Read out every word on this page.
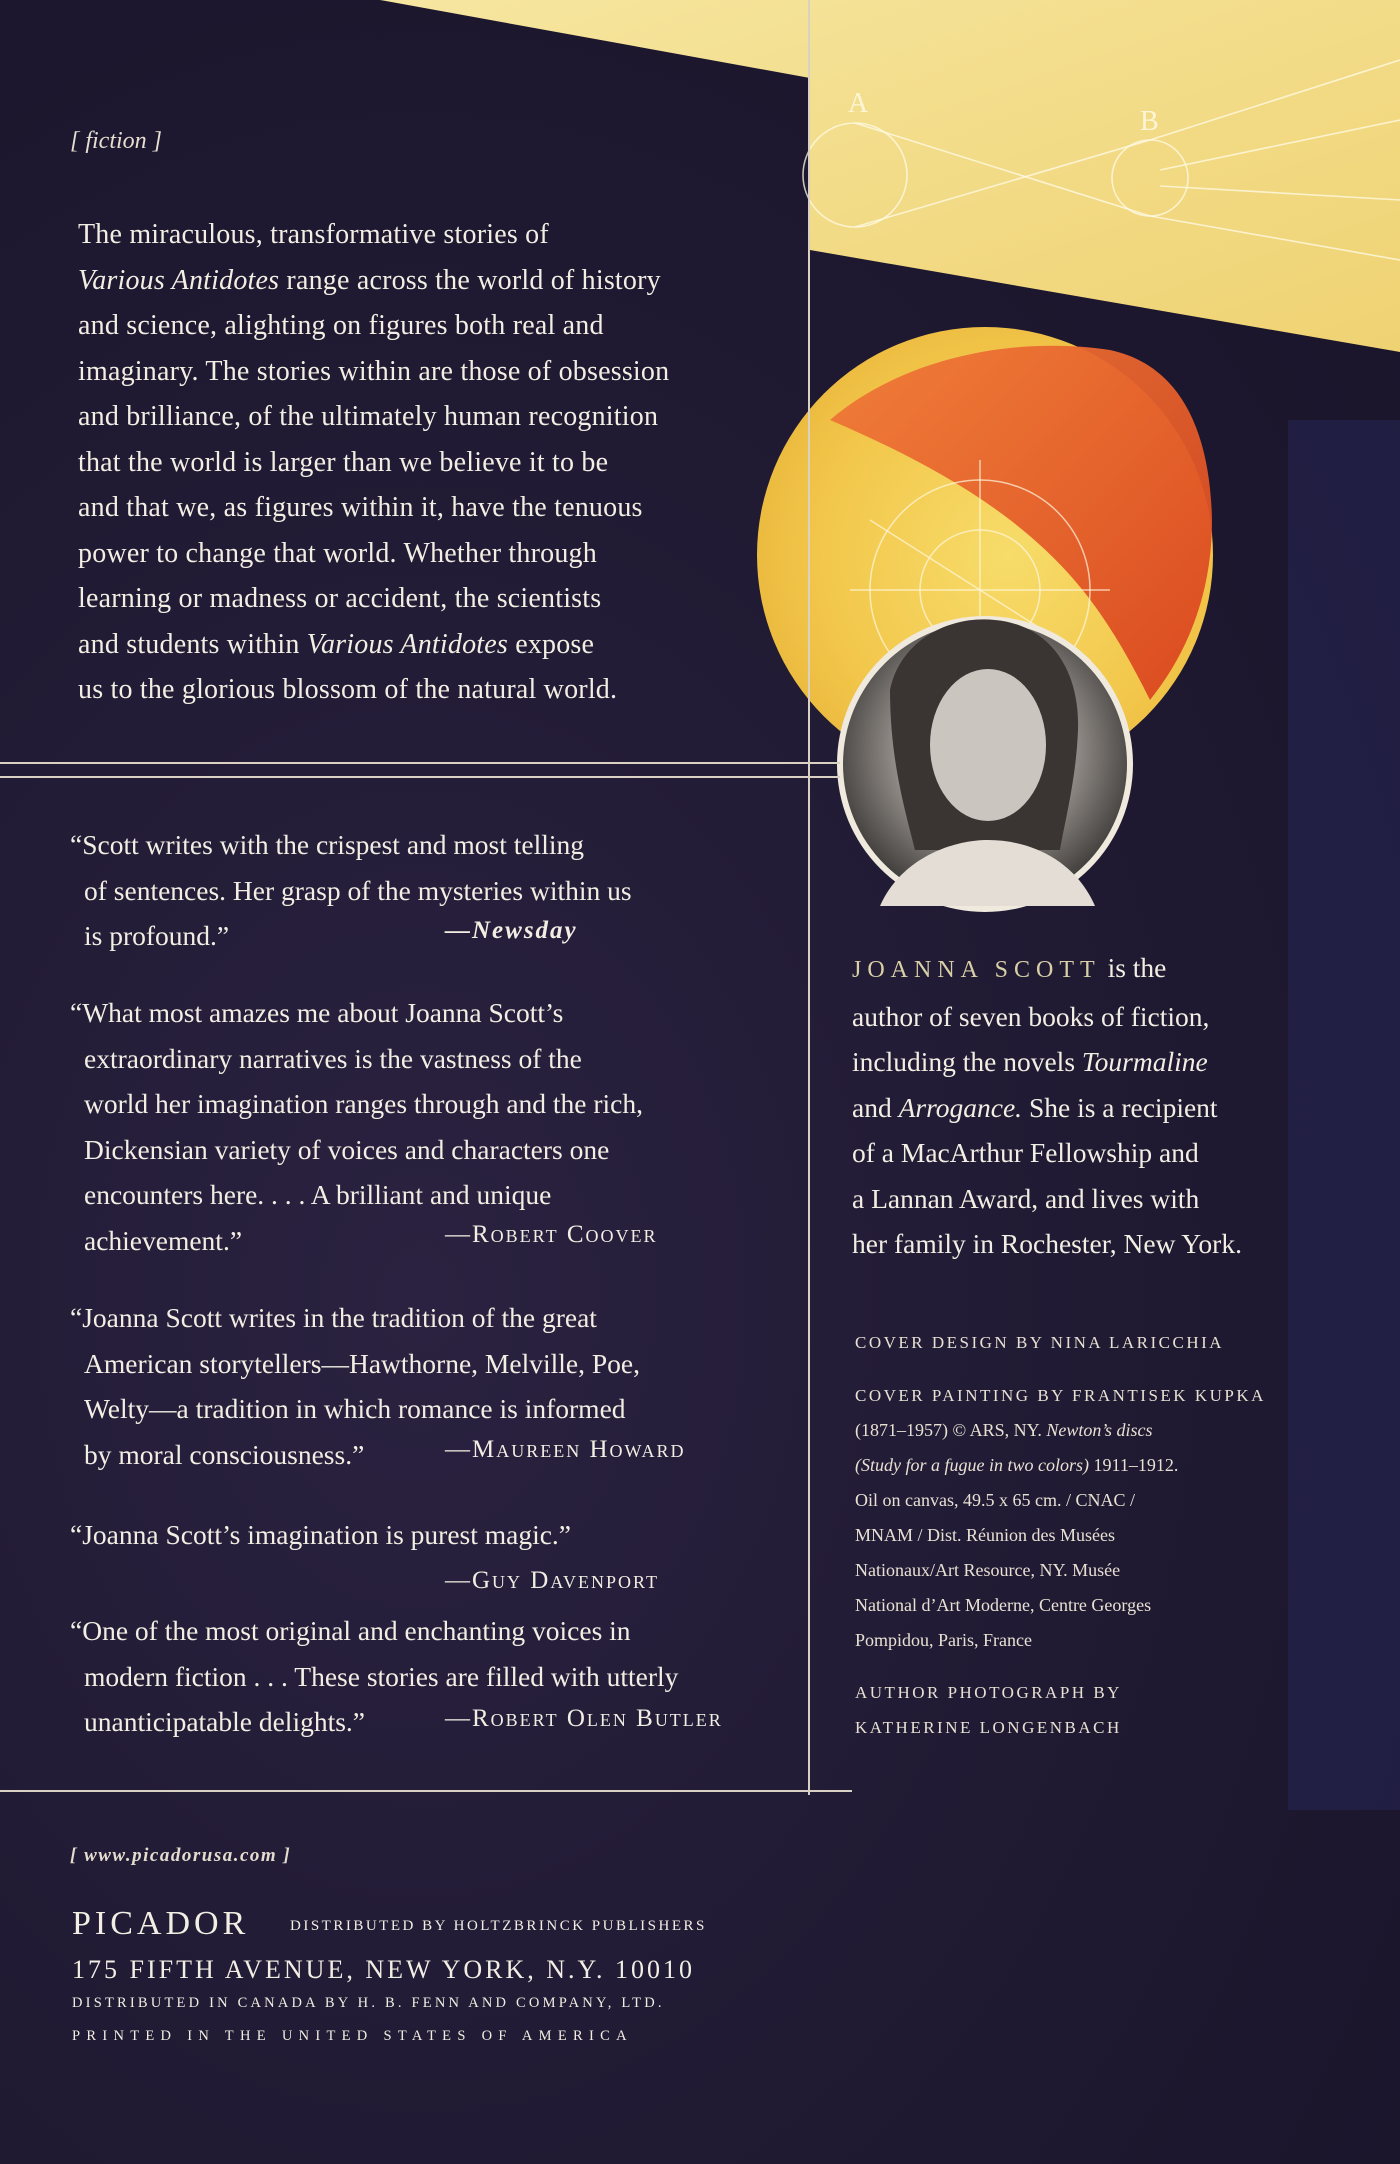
A
B
[ fiction ]

The miraculous, transformative stories of

Various Antidotes range across the world of history

and science, alighting on figures both real and

imaginary. The stories within are those of obsession

and brilliance, of the ultimately human recognition

that the world is larger than we believe it to be

and that we, as figures within it, have the tenuous

power to change that world. Whether through

learning or madness or accident, the scientists

and students within Various Antidotes expose

us to the glorious blossom of the natural world.

“ Scott writes with the crispest and most telling
of sentences. Her grasp of the mysteries within us
is profound.”	—Newsday
“ What most amazes me about Joanna Scott’s
extraordinary narratives is the vastness of the
world her imagination ranges through and the rich,
Dickensian variety of voices and characters one
encounters here. . . . A brilliant and unique
achievement.”	—Robert Coover
“ Joanna Scott writes in the tradition of the great
American storytellers—Hawthorne, Melville, Poe,
Welty—a tradition in which romance is informed
by moral consciousness.”	—Maureen Howard
“ Joanna Scott’s imagination is purest magic.”
—Guy Davenport
“ One of the most original and enchanting voices in
modern fiction . . . These stories are filled with utterly
unanticipatable delights.”	—Robert Olen Butler
JOANNA SCOTT is the
author of seven books of fiction,
including the novels Tourmaline
and Arrogance. She is a recipient
of a MacArthur Fellowship and
a Lannan Award, and lives with
her family in Rochester, New York.
COVER DESIGN BY NINA LARICCHIA
COVER PAINTING BY FRANTISEK KUPKA
(1871–1957) © ARS, NY. Newton’s discs
(Study for a fugue in two colors) 1911–1912.
Oil on canvas, 49.5 x 65 cm. / CNAC /
MNAM / Dist. Réunion des Musées
Nationaux/Art Resource, NY. Musée
National d’Art Moderne, Centre Georges
Pompidou, Paris, France
AUTHOR PHOTOGRAPH BY
KATHERINE LONGENBACH
[ www.picadorusa.com ]
PICADOR	DISTRIBUTED BY HOLTZBRINCK PUBLISHERS
175 FIFTH AVENUE, NEW YORK, N.Y. 10010
DISTRIBUTED IN CANADA BY H. B. FENN AND COMPANY, LTD.
PRINTED IN THE UNITED STATES OF AMERICA
